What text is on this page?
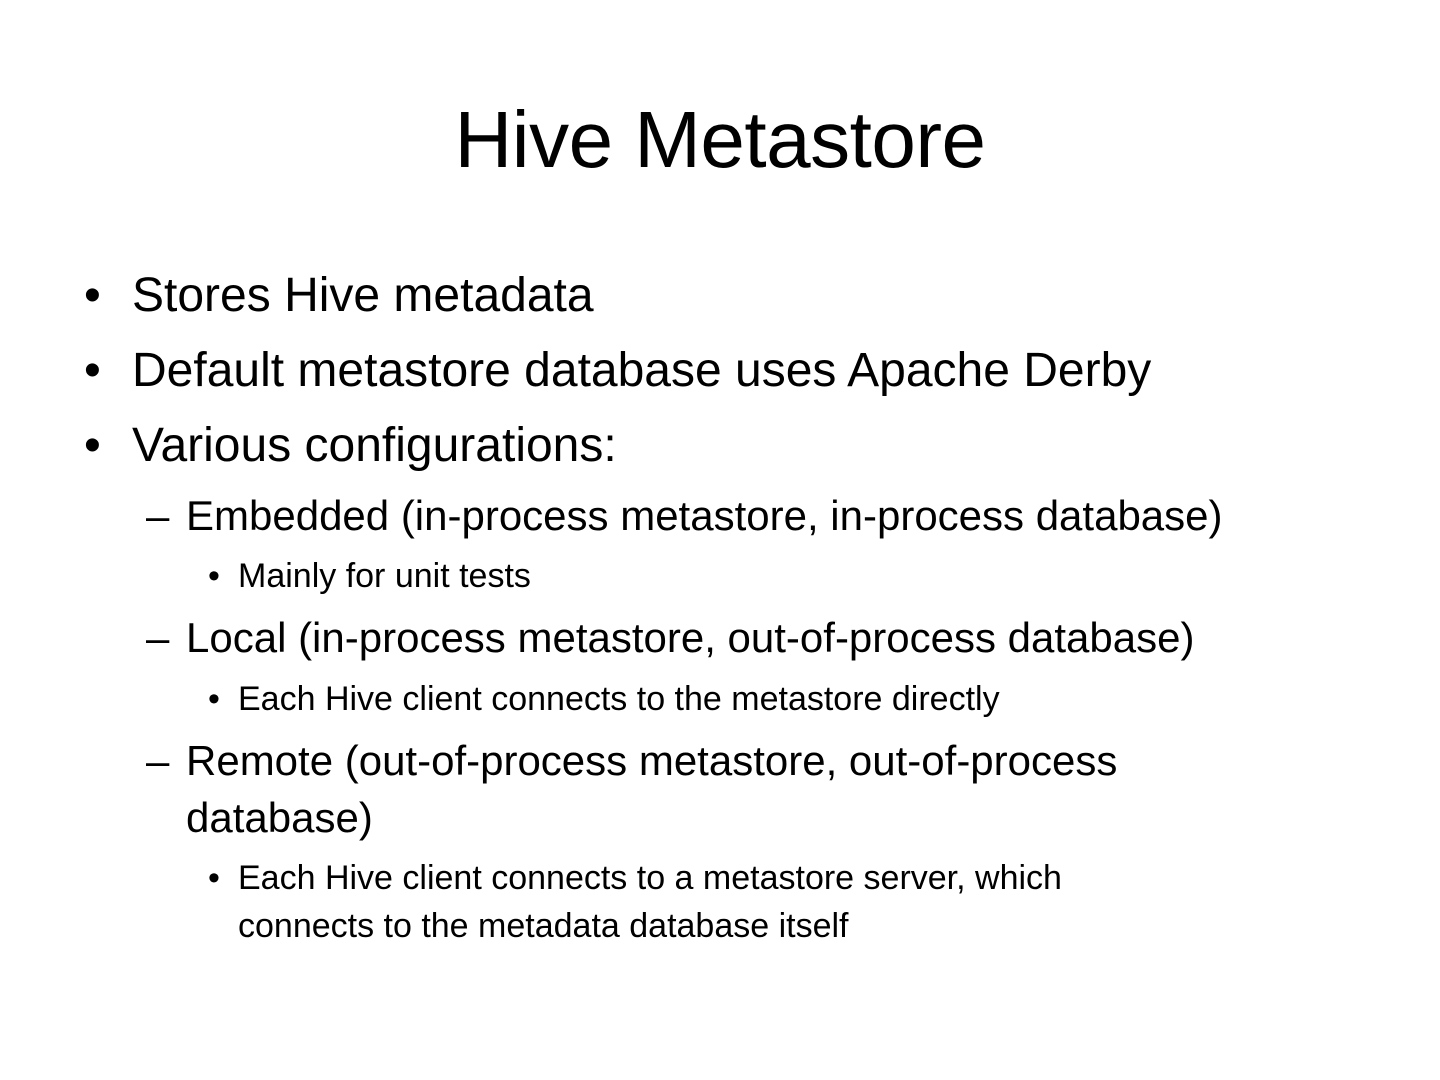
Hive Metastore
• Stores Hive metadata
• Default metastore database uses Apache Derby
• Various configurations:
– Embedded (in-process metastore, in-process database)
• Mainly for unit tests
– Local (in-process metastore, out-of-process database)
• Each Hive client connects to the metastore directly
– Remote (out-of-process metastore, out-of-process
database)
• Each Hive client connects to a metastore server, which
connects to the metadata database itself
